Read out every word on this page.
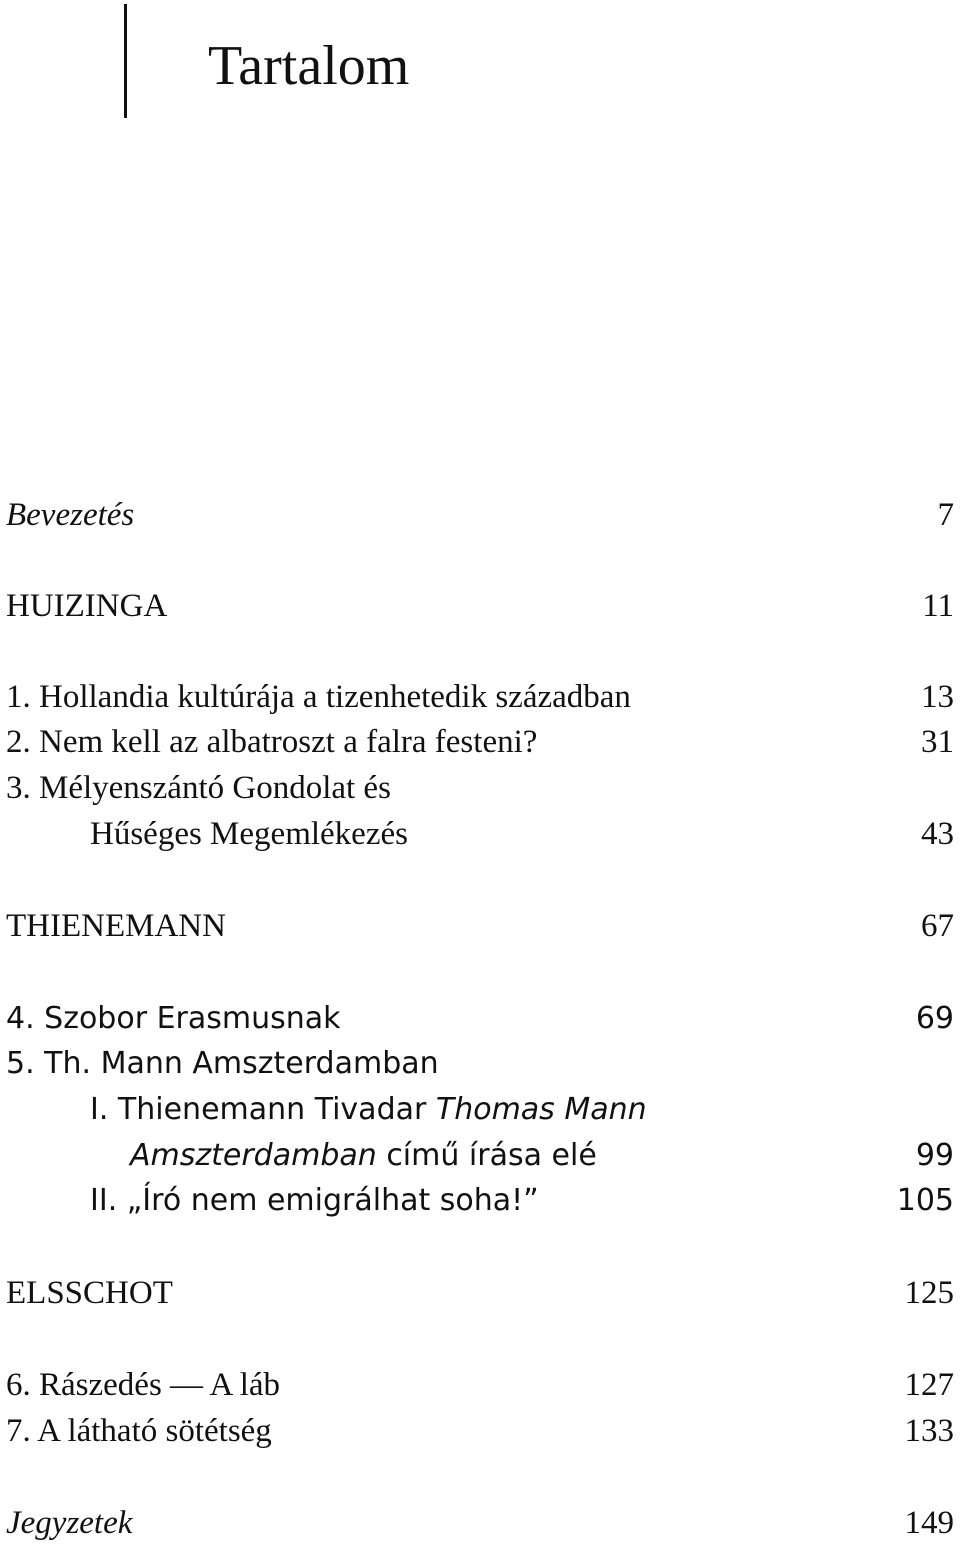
Tartalom
Bevezetés	7
HUIZINGA	11
1. Hollandia kultúrája a tizenhetedik században	13
2. Nem kell az albatroszt a falra festeni?	31
3. Mélyenszántó Gondolat és
Hűséges Megemlékezés	43
THIENEMANN	67
4. Szobor Erasmusnak	69
5. Th. Mann Amszterdamban
I. Thienemann Tivadar Thomas Mann
Amszterdamban című írása elé	99
II. „Író nem emigrálhat soha!”	105
ELSSCHOT	125
6. Rászedés — A láb	127
7. A látható sötétség	133
Jegyzetek	149
